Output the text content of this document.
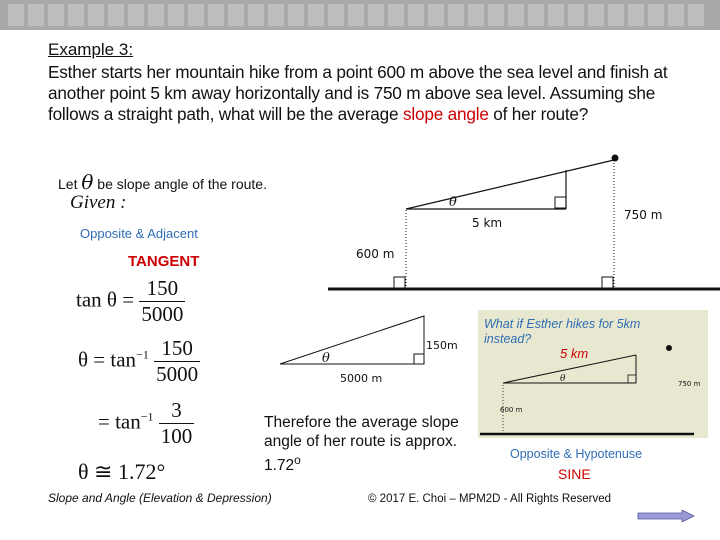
Example 3:
Esther starts her mountain hike from a point 600 m above the sea level and finish at another point 5 km away horizontally and is 750 m above sea level. Assuming she follows a straight path, what will be the average slope angle of her route?
Let θ be slope angle of the route.
Given :
Opposite & Adjacent
TANGENT
$\tan \theta = \frac{150}{5000}$
$\theta = \tan^{-1} \frac{150}{5000}$
= $\tan^{-1} \frac{3}{100}$
θ ≅ 1.72°
θ
5 km
750 m
600 m
θ
150m
5000 m
Therefore the average slope angle of her route is approx. 1.72$^o$
What if Esther hikes for 5km instead?
5 km
θ	750 m
600 m
Opposite & Hypotenuse
SINE
Slope and Angle (Elevation & Depression)	© 2017 E. Choi – MPM2D - All Rights Reserved
